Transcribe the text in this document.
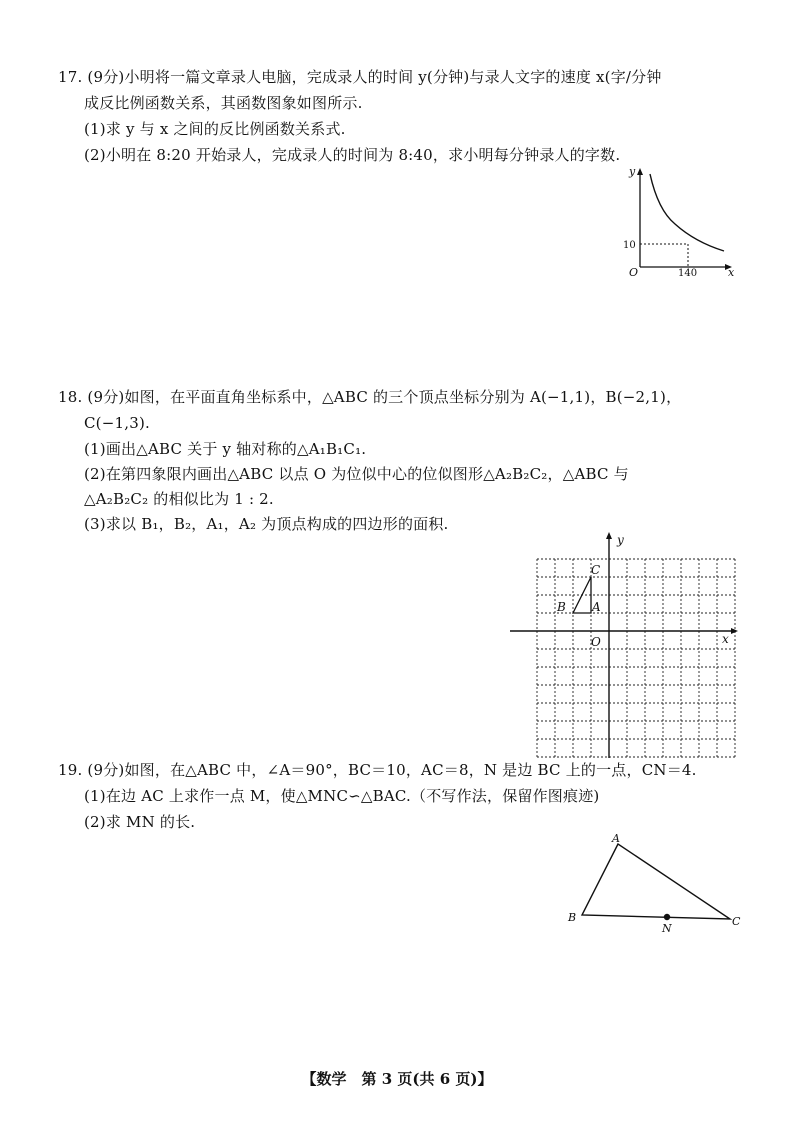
17. (9分)小明将一篇文章录人电脑，完成录人的时间 y(分钟)与录人文字的速度 x(字/分钟
成反比例函数关系，其函数图象如图所示.
(1)求 y 与 x 之间的反比例函数关系式.
(2)小明在 8:20 开始录人，完成录人的时间为 8:40，求小明每分钟录人的字数.
y
10
O	140	x
18. (9分)如图，在平面直角坐标系中，△ABC 的三个顶点坐标分别为 A(−1,1)，B(−2,1)，
C(−1,3).
(1)画出△ABC 关于 y 轴对称的△A₁B₁C₁.
(2)在第四象限内画出△ABC 以点 O 为位似中心的位似图形△A₂B₂C₂，△ABC 与
△A₂B₂C₂ 的相似比为 1 : 2.
(3)求以 B₁，B₂，A₁，A₂ 为顶点构成的四边形的面积.
y
x
O
C
B A
19. (9分)如图，在△ABC 中，∠A＝90°，BC＝10，AC＝8，N 是边 BC 上的一点，CN＝4.
(1)在边 AC 上求作一点 M，使△MNC∽△BAC.（不写作法，保留作图痕迹)
(2)求 MN 的长.
A
B	C
N
【数学　第 3 页(共 6 页)】
